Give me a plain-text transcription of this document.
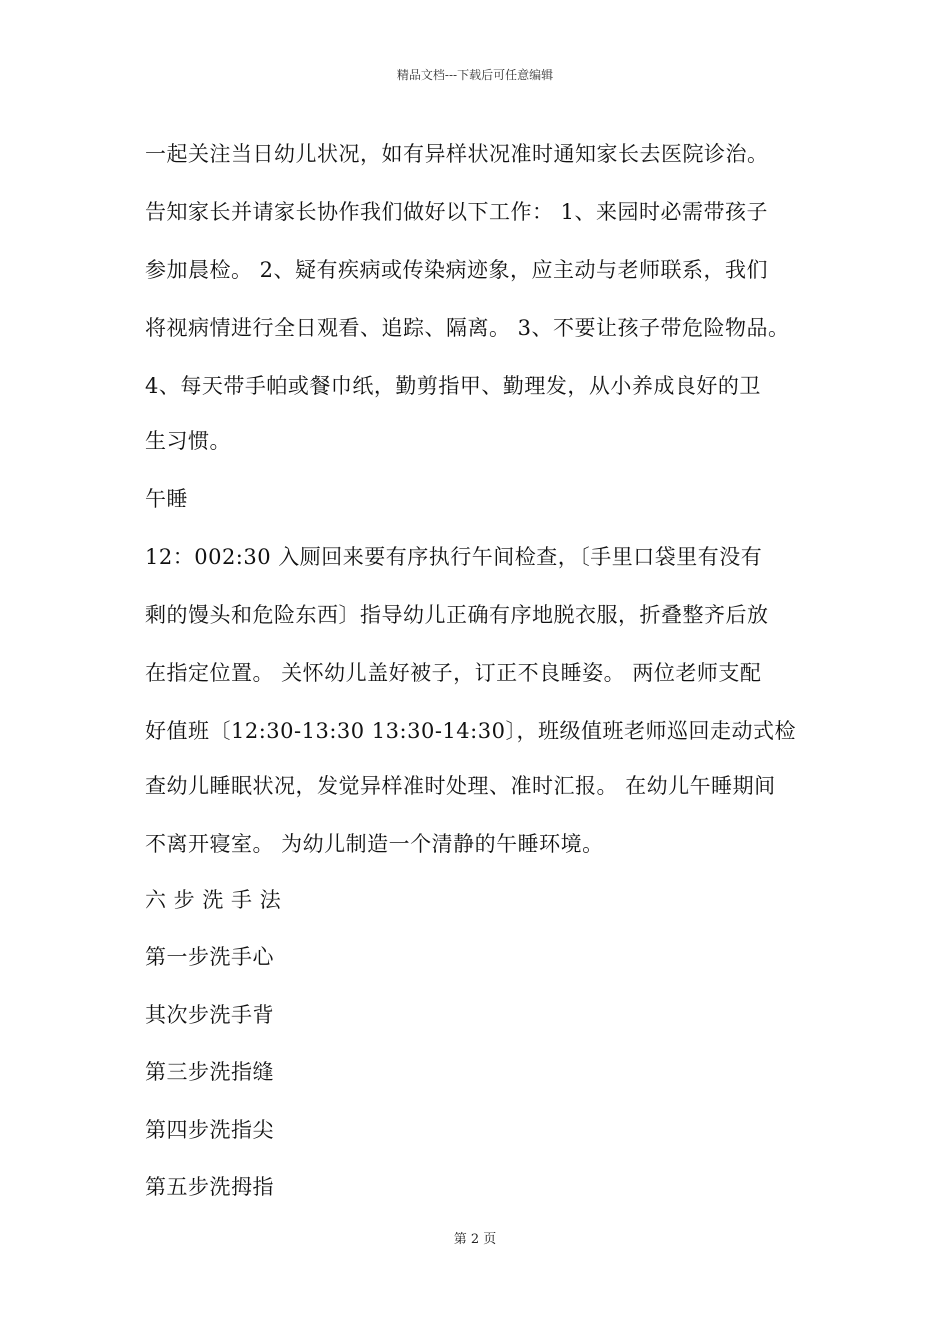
精品文档---下载后可任意编辑
一起关注当日幼儿状况，如有异样状况准时通知家长去医院诊治。
告知家长并请家长协作我们做好以下工作： 1、来园时必需带孩子
参加晨检。 2、疑有疾病或传染病迹象，应主动与老师联系，我们
将视病情进行全日观看、追踪、隔离。 3、不要让孩子带危险物品。
4、每天带手帕或餐巾纸，勤剪指甲、勤理发，从小养成良好的卫
生习惯。
午睡
12：002:30 入厕回来要有序执行午间检查，〔手里口袋里有没有
剩的馒头和危险东西〕指导幼儿正确有序地脱衣服，折叠整齐后放
在指定位置。 关怀幼儿盖好被子，订正不良睡姿。 两位老师支配
好值班〔12:30-13:30 13:30-14:30〕，班级值班老师巡回走动式检
查幼儿睡眠状况，发觉异样准时处理、准时汇报。 在幼儿午睡期间
不离开寝室。 为幼儿制造一个清静的午睡环境。
六 步 洗 手 法
第一步洗手心
其次步洗手背
第三步洗指缝
第四步洗指尖
第五步洗拇指
第 2 页
